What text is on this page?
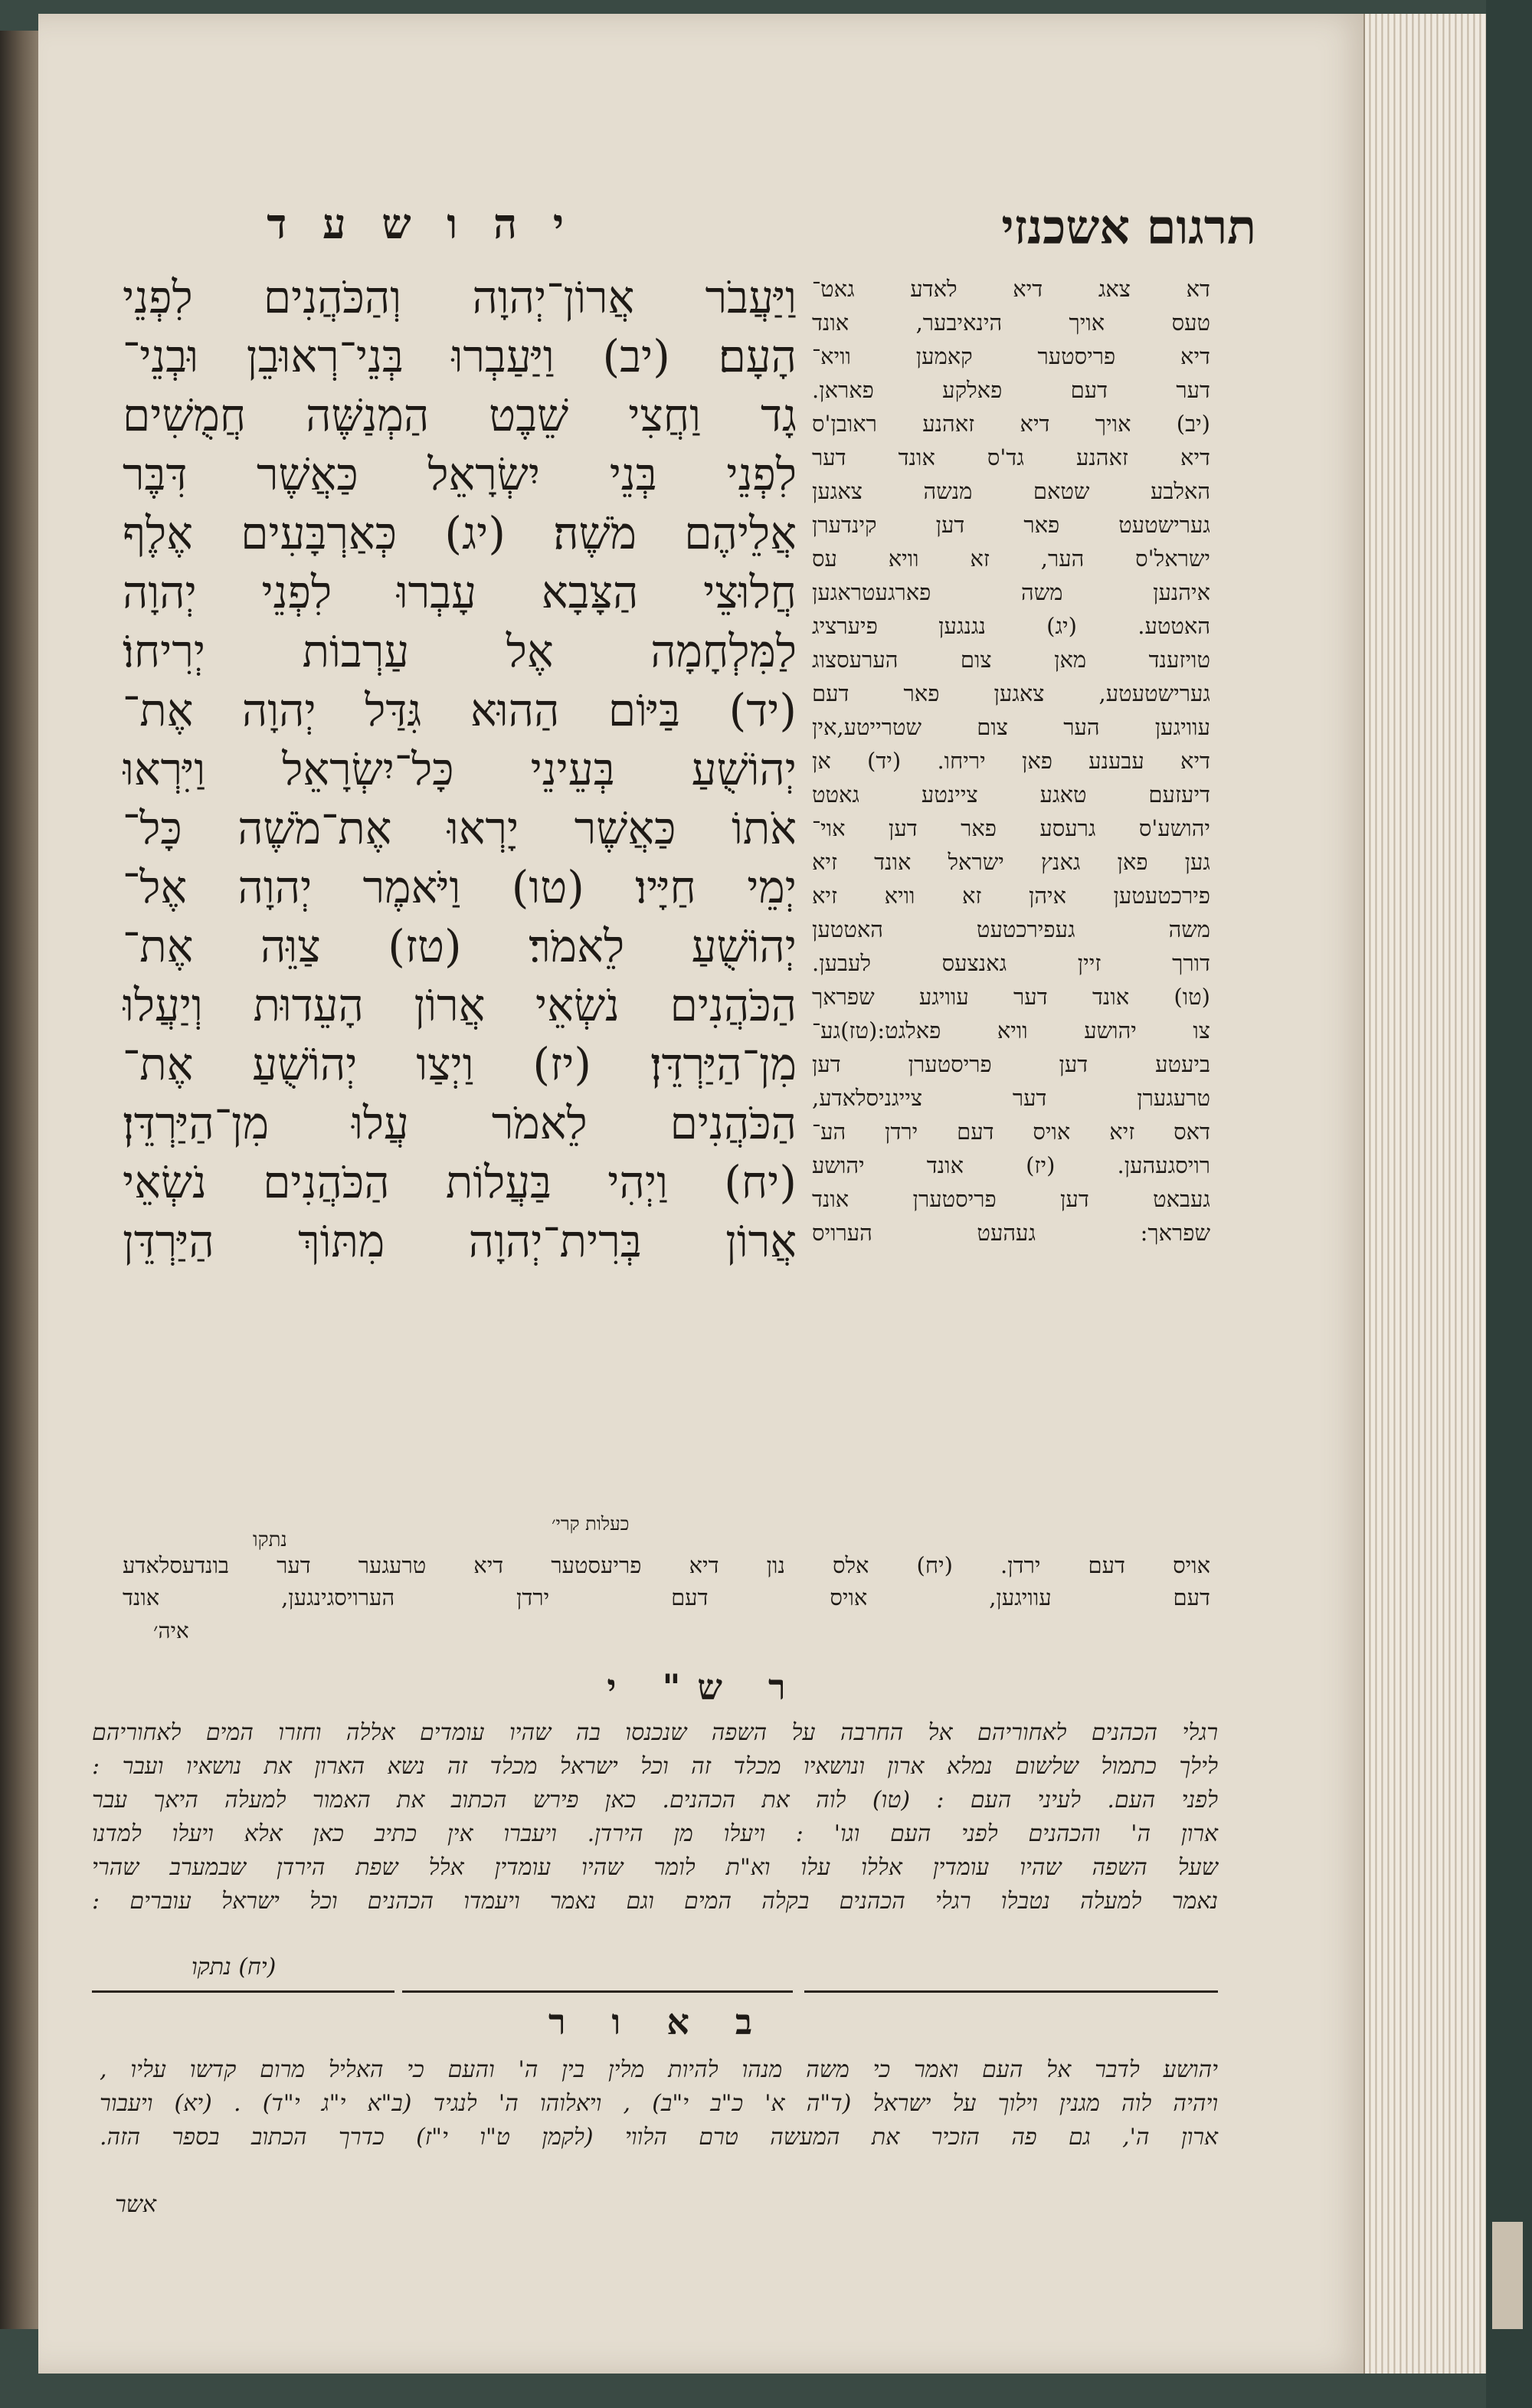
תרגום אשכנזי
י ה ו ש ע ד
וַיַּעֲבֹר אֲרוֹן־יְהוָה וְהַכֹּהֲנִים לִפְנֵי
הָעָם׃ (יב) וַיַּעַבְרוּ בְּנֵי־רְאוּבֵן וּבְנֵי־
גָד וַחֲצִי שֵׁבֶט הַמְנַשֶּׁה חֲמֻשִׁים
לִפְנֵי בְּנֵי יִשְׂרָאֵל כַּאֲשֶׁר דִּבֶּר
אֲלֵיהֶם מֹשֶׁה׃ (יג) כְּאַרְבָּעִים אֶלֶף
חֲלוּצֵי הַצָּבָא עָבְרוּ לִפְנֵי יְהוָה
לַמִּלְחָמָה אֶל עַרְבוֹת יְרִיחוֹ׃
(יד) בַּיּוֹם הַהוּא גִּדַּל יְהוָה אֶת־
יְהוֹשֻׁעַ בְּעֵינֵי כָּל־יִשְׂרָאֵל וַיִּרְאוּ
אֹתוֹ כַּאֲשֶׁר יָרְאוּ אֶת־מֹשֶׁה כָּל־
יְמֵי חַיָּיו׃ (טו) וַיֹּאמֶר יְהוָה אֶל־
יְהוֹשֻׁעַ לֵאמֹר׃ (טז) צַוֵּה אֶת־
הַכֹּהֲנִים נֹשְׂאֵי אֲרוֹן הָעֵדוּת וְיַעֲלוּ
מִן־הַיַּרְדֵּן׃ (יז) וַיְצַו יְהוֹשֻׁעַ אֶת־
הַכֹּהֲנִים לֵאמֹר עֲלוּ מִן־הַיַּרְדֵּן׃
(יח) וַיְהִי בַּעֲלוֹת הַכֹּהֲנִים נֹשְׂאֵי
אֲרוֹן בְּרִית־יְהוָה מִתּוֹךְ הַיַּרְדֵּן
כעלות קרי׳
דא צאג דיא לאדע גאט־
טעס אויך הינאיבער, אונד
דיא פריסטער קאמען וויא־
דער דעם פאלקע פאראן.
(יב) אויך דיא זאהנע ראובן'ס
דיא זאהנע גד'ס אונד דער
האלבע שטאם מנשה צאגען
גערישטעט פאר דען קינדערן
ישראל'ס הער, זא וויא עס
איהנען משה פארגעטראגען
האטטע. (יג) נגנגען פיערציג
טויזענד מאן צום הערעסצוג
גערישטעטע, צאגען פאר דעם
עוויגען הער צום שטרייטע,אין
דיא עבענע פאן יריחו. (יד) אן
דיעזעם טאגע ציינטע גאטט
יהושע'ס גרעסע פאר דען אוי־
גען פאן גאנץ ישראל אונד זיא
פירכטעטען איהן זא וויא זיא
משה געפירכטעט האטטען
דורך זיין גאנצעס לעבען.
(טו) אונד דער עוויגע שפראך
צו יהושע וויא פאלגט:(טז)גע־
ביעטע דען פריסטערן דען
טרעגערן דער צייגניסלאדע,
דאס זיא אויס דעם ירדן הע־
רויסגעהען. (יז) אונד יהושע
געבאט דען פריסטערן אונד
שפראך: געהעט הערויס
נתקו
אויס דעם ירדן. (יח) אלס נון דיא פריעסטער דיא טרעגער דער בונדעסלאדע
דעם עוויגען, אויס דעם ירדן הערויסגינגען, אונד
איה׳
ר ש" י
רגלי הכהנים לאחוריהם אל החרבה על השפה שנכנסו בה שהיו עומדים אללה וחזרו המים לאחוריהם
לילך כתמול שלשום נמלא ארון ונושאיו מכלד זה וכל ישראל מכלד זה נשא הארון את נושאיו ועבר :
לפני העם. לעיני העם : (טו) לוה את הכהנים. כאן פירש הכתוב את האמור למעלה היאך עבר
ארון ה' והכהנים לפני העם וגו' : ויעלו מן הירדן. ויעברו אין כתיב כאן אלא ויעלו למדנו
שעל השפה שהיו עומדין אללו עלו וא"ת לומר שהיו עומדין אלל שפת הירדן שבמערב שהרי
נאמר למעלה נטבלו רגלי הכהנים בקלה המים וגם נאמר ויעמדו הכהנים וכל ישראל עוברים :
(יח) נתקו
ב א ו ר
יהושע לדבר אל העם ואמר כי משה מנהו להיות מלין בין ה' והעם כי האליל מרום קדשו עליו ,
ויהיה לוה מגנין וילוך על ישראל (ד"ה א' כ"ב י"ב) , ויאלוהו ה' לנגיד (ב"א י"ג י"ד) . (יא) ויעבור
ארון ה', גם פה הזכיר את המעשה טרם הלווי (לקמן ט"ו י"ז) כדרך הכתוב בספר הזה.
אשר
